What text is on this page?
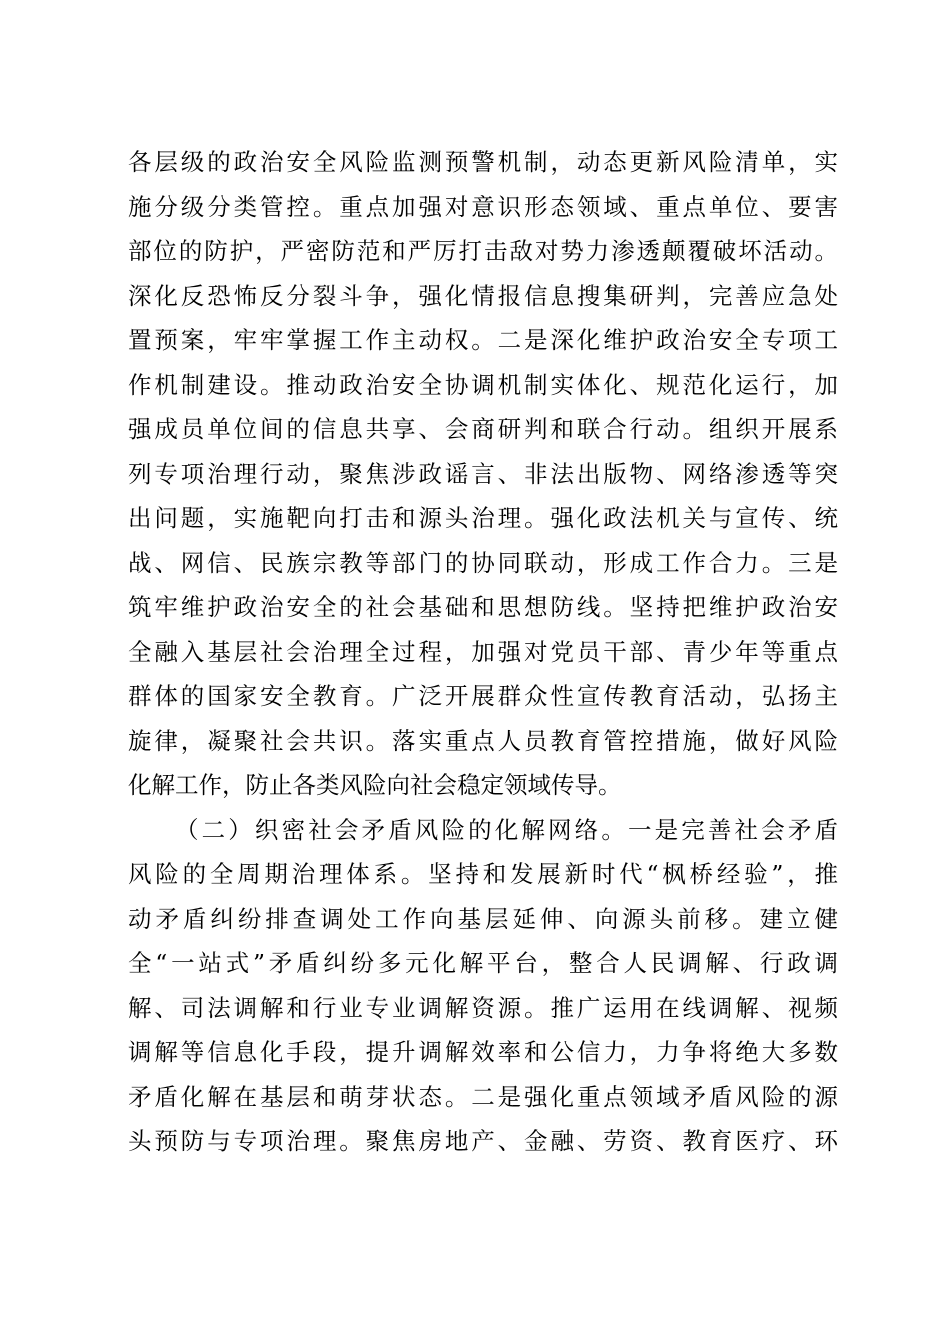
各层级的政治安全风险监测预警机制，动态更新风险清单，实
施分级分类管控。重点加强对意识形态领域、重点单位、要害
部位的防护，严密防范和严厉打击敌对势力渗透颠覆破坏活动。
深化反恐怖反分裂斗争，强化情报信息搜集研判，完善应急处
置预案，牢牢掌握工作主动权。二是深化维护政治安全专项工
作机制建设。推动政治安全协调机制实体化、规范化运行，加
强成员单位间的信息共享、会商研判和联合行动。组织开展系
列专项治理行动，聚焦涉政谣言、非法出版物、网络渗透等突
出问题，实施靶向打击和源头治理。强化政法机关与宣传、统
战、网信、民族宗教等部门的协同联动，形成工作合力。三是
筑牢维护政治安全的社会基础和思想防线。坚持把维护政治安
全融入基层社会治理全过程，加强对党员干部、青少年等重点
群体的国家安全教育。广泛开展群众性宣传教育活动，弘扬主
旋律，凝聚社会共识。落实重点人员教育管控措施，做好风险
化解工作，防止各类风险向社会稳定领域传导。
（二）织密社会矛盾风险的化解网络。一是完善社会矛盾
风险的全周期治理体系。坚持和发展新时代“枫桥经验”，推
动矛盾纠纷排查调处工作向基层延伸、向源头前移。建立健
全“一站式”矛盾纠纷多元化解平台，整合人民调解、行政调
解、司法调解和行业专业调解资源。推广运用在线调解、视频
调解等信息化手段，提升调解效率和公信力，力争将绝大多数
矛盾化解在基层和萌芽状态。二是强化重点领域矛盾风险的源
头预防与专项治理。聚焦房地产、金融、劳资、教育医疗、环
